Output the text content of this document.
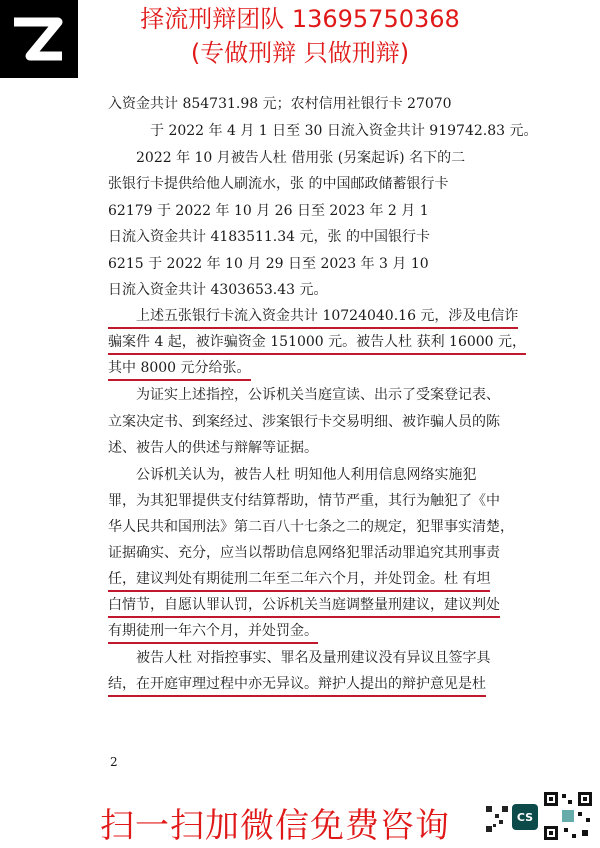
择流刑辩团队 13695750368
(专做刑辩 只做刑辩)
入资金共计 854731.98 元；农村信用社银行卡 27070
于 2022 年 4 月 1 日至 30 日流入资金共计 919742.83 元。
2022 年 10 月被告人杜 借用张 (另案起诉) 名下的二
张银行卡提供给他人刷流水，张 的中国邮政储蓄银行卡
62179 于 2022 年 10 月 26 日至 2023 年 2 月 1
日流入资金共计 4183511.34 元，张 的中国银行卡
6215 于 2022 年 10 月 29 日至 2023 年 3 月 10
日流入资金共计 4303653.43 元。
上述五张银行卡流入资金共计 10724040.16 元，涉及电信诈
骗案件 4 起，被诈骗资金 151000 元。被告人杜 获利 16000 元，
其中 8000 元分给张。
为证实上述指控，公诉机关当庭宣读、出示了受案登记表、
立案决定书、到案经过、涉案银行卡交易明细、被诈骗人员的陈
述、被告人的供述与辩解等证据。
公诉机关认为，被告人杜 明知他人利用信息网络实施犯
罪，为其犯罪提供支付结算帮助，情节严重，其行为触犯了《中
华人民共和国刑法》第二百八十七条之二的规定，犯罪事实清楚，
证据确实、充分，应当以帮助信息网络犯罪活动罪追究其刑事责
任，建议判处有期徒刑二年至二年六个月，并处罚金。杜 有坦
白情节，自愿认罪认罚，公诉机关当庭调整量刑建议，建议判处
有期徒刑一年六个月，并处罚金。
被告人杜 对指控事实、罪名及量刑建议没有异议且签字具
结，在开庭审理过程中亦无异议。辩护人提出的辩护意见是杜
2
扫一扫加微信免费咨询	CS
